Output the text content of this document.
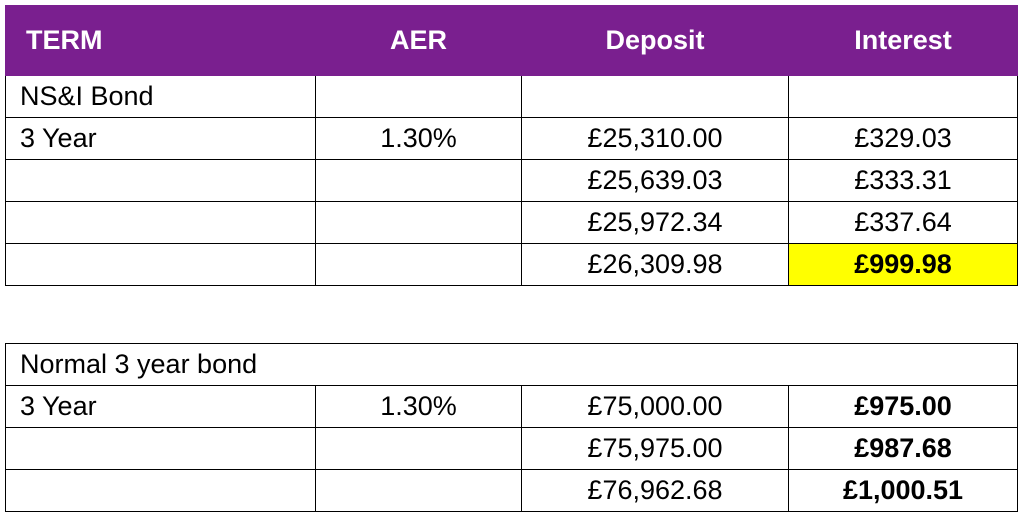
TERM	AER	Deposit	Interest
NS&I Bond			
3 Year	1.30%	£25,310.00	£329.03
		£25,639.03	£333.31
		£25,972.34	£337.64
		£26,309.98	£999.98
Normal 3 year bond			
3 Year	1.30%	£75,000.00	£975.00
		£75,975.00	£987.68
		£76,962.68	£1,000.51
